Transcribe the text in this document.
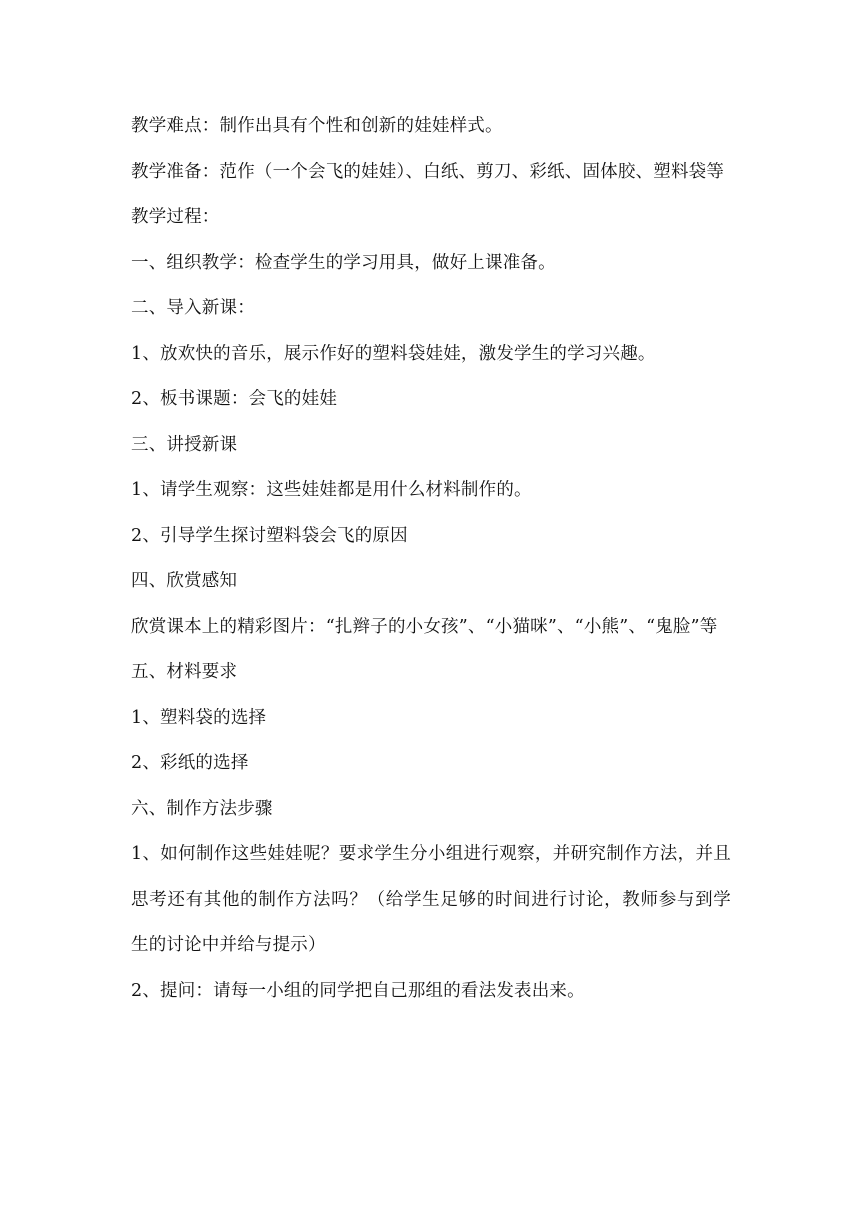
教学难点：制作出具有个性和创新的娃娃样式。

教学准备：范作（一个会飞的娃娃）、白纸、剪刀、彩纸、固体胶、塑料袋等

教学过程：

一、组织教学：检查学生的学习用具，做好上课准备。

二、导入新课：

1、放欢快的音乐，展示作好的塑料袋娃娃，激发学生的学习兴趣。

2、板书课题：会飞的娃娃

三、讲授新课

1、请学生观察：这些娃娃都是用什么材料制作的。

2、引导学生探讨塑料袋会飞的原因

四、欣赏感知

欣赏课本上的精彩图片：“扎辫子的小女孩”、“小猫咪”、“小熊”、“鬼脸”等

五、材料要求

1、塑料袋的选择

2、彩纸的选择

六、制作方法步骤

1、如何制作这些娃娃呢？要求学生分小组进行观察，并研究制作方法，并且思考还有其他的制作方法吗？（给学生足够的时间进行讨论，教师参与到学生的讨论中并给与提示）

2、提问：请每一小组的同学把自己那组的看法发表出来。
